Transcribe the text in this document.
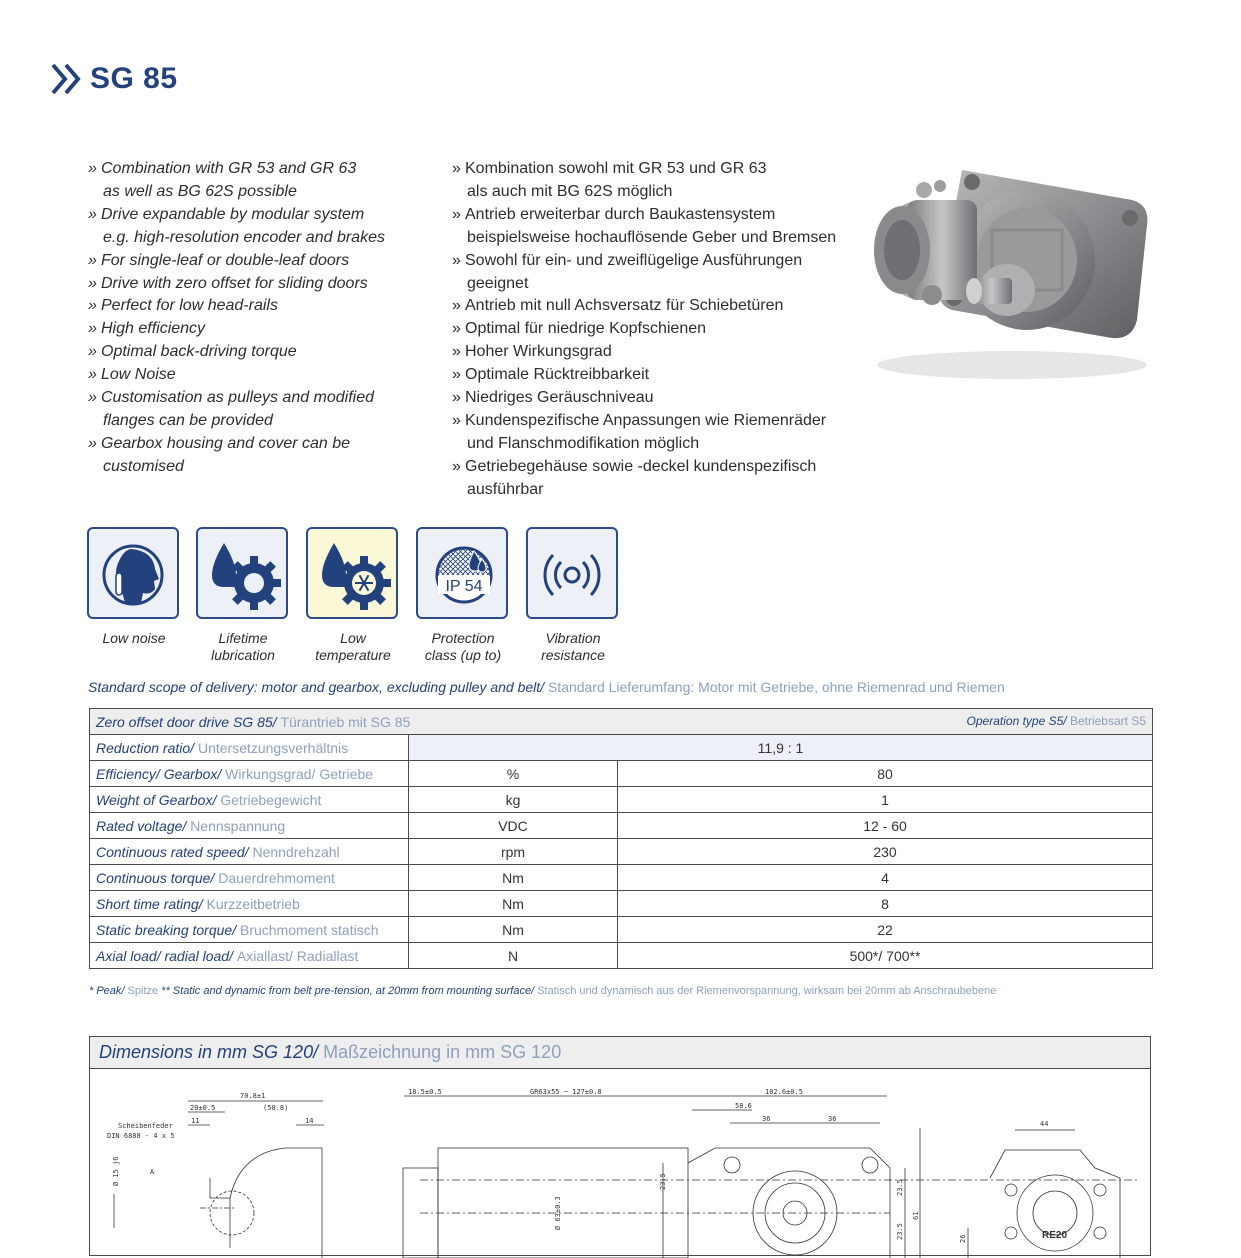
SG 85
» Combination with GR 53 and GR 63
as well as BG 62S possible
» Drive expandable by modular system
e.g. high-resolution encoder and brakes
» For single-leaf or double-leaf doors
» Drive with zero offset for sliding doors
» Perfect for low head-rails
» High efficiency
» Optimal back-driving torque
» Low Noise
» Customisation as pulleys and modified
flanges can be provided
» Gearbox housing and cover can be
customised
» Kombination sowohl mit GR 53 und GR 63
als auch mit BG 62S möglich
» Antrieb erweiterbar durch Baukastensystem
beispielsweise hochauflösende Geber und Bremsen
» Sowohl für ein- und zweiflügelige Ausführungen
geeignet
» Antrieb mit null Achsversatz für Schiebetüren
» Optimal für niedrige Kopfschienen
» Hoher Wirkungsgrad
» Optimale Rücktreibbarkeit
» Niedriges Geräuschniveau
» Kundenspezifische Anpassungen wie Riemenräder
und Flanschmodifikation möglich
» Getriebegehäuse sowie -deckel kundenspezifisch
ausführbar
IP 54
Low noise	Lifetime
lubrication
Low
temperature
Protection
class (up to)
Vibration
resistance
Standard scope of delivery: motor and gearbox, excluding pulley and belt/ Standard Lieferumfang: Motor mit Getriebe, ohne Riemenrad und Riemen
Zero offset door drive SG 85/ Türantrieb mit SG 85 Operation type S5/ Betriebsart S5		

Reduction ratio/ Untersetzungsverhältnis	11,9 : 1	
Efficiency/ Gearbox/ Wirkungsgrad/ Getriebe	%	80
Weight of Gearbox/ Getriebegewicht	kg	1
Rated voltage/ Nennspannung	VDC	12 - 60
Continuous rated speed/ Nenndrehzahl	rpm	230
Continuous torque/ Dauerdrehmoment	Nm	4
Short time rating/ Kurzzeitbetrieb	Nm	8
Static breaking torque/ Bruchmoment statisch	Nm	22
Axial load/ radial load/ Axiallast/ Radiallast	N	500*/ 700**
* Peak/ Spitze ** Static and dynamic from belt pre-tension, at 20mm from mounting surface/ Statisch und dynamisch aus der Riemenvorspannung, wirksam bei 20mm ab Anschraubebene
Dimensions in mm SG 120/ Maßzeichnung in mm SG 120
70.8±1
20±0.5	(50.8)
11	14
Scheibenfeder
DIN 6888 - 4 x 5
Ø 15 j6	A
18.5±0.5	GR63x55 ~ 127±0.8	102.6±0.5
58.6
36	36
23.5
Ø 63±0.3
23.5
23.5
61
44
26	RE20
